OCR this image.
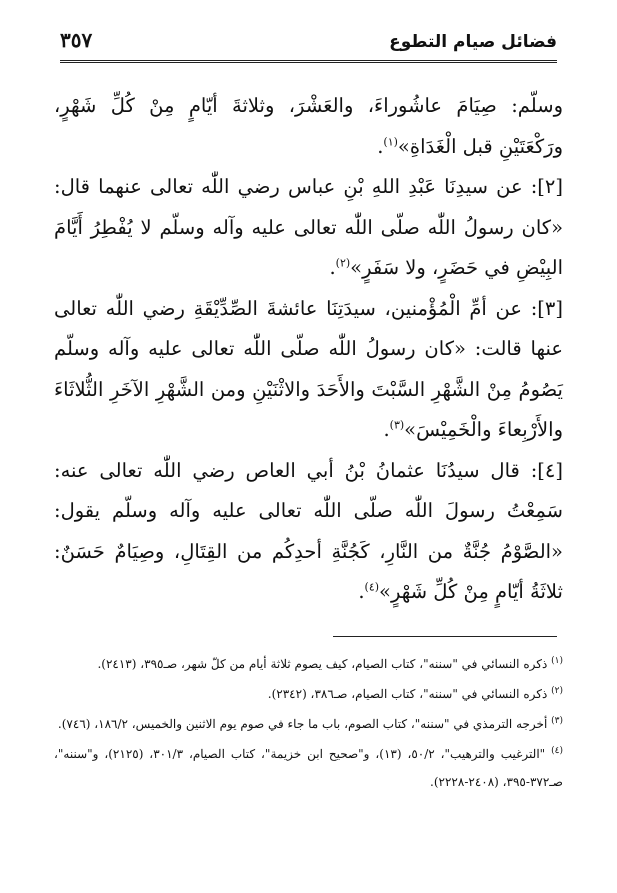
فضائل صيام التطوع
٣٥٧

وسلّم: صِيَامَ عاشُوراءَ، والعَشْرَ، وثلاثةَ أيّامٍ مِنْ كُلِّ شَهْرٍ، ورَكْعَتَيْنِ قبل الْغَدَاةِ»$^{(١)}$.

[٢]: عن سيدِنَا عَبْدِ اللهِ بْنِ عباس رضي اللّٰه تعالى عنهما قال: «كان رسولُ اللّٰه صلّى اللّٰه تعالى عليه وآله وسلّم لا يُفْطِرُ أَيَّامَ البِيْضِ في حَضَرٍ، ولا سَفَرٍ»$^{(٢)}$.

[٣]: عن أمِّ الْمُؤْمنين، سيدَتِنَا عائشةَ الصِّدِّيْقَةِ رضي اللّٰه تعالى عنها قالت: «كان رسولُ اللّٰه صلّى اللّٰه تعالى عليه وآله وسلّم يَصُومُ مِنْ الشَّهْرِ السَّبْتَ والأَحَدَ والاثْنَيْنِ ومن الشَّهْرِ الآخَرِ الثُّلاثَاءَ والأَرْبِعاءَ والْخَمِيْسَ»$^{(٣)}$.

[٤]: قال سيدُنَا عثمانُ بْنُ أبي العاص رضي اللّٰه تعالى عنه: سَمِعْتُ رسولَ اللّٰه صلّى اللّٰه تعالى عليه وآله وسلّم يقول: «الصَّوْمُ جُنَّةٌ من النَّارِ، كَجُنَّةِ أحدِكُم من القِتَالِ، وصِيَامٌ حَسَنٌ: ثلاثَةُ أيّامٍ مِنْ كُلِّ شَهْرٍ»$^{(٤)}$.

$^{(١)}$ ذكره النسائي في "سننه"، كتاب الصيام، كيف يصوم ثلاثة أيام من كلّ شهر، صـ٣٩٥، (٢٤١٣).

$^{(٢)}$ ذكره النسائي في "سننه"، كتاب الصيام، صـ٣٨٦، (٢٣٤٢).

$^{(٣)}$ أخرجه الترمذي في "سننه"، كتاب الصوم، باب ما جاء في صوم يوم الاثنين والخميس، ١٨٦/٢، (٧٤٦).

$^{(٤)}$ "الترغيب والترهيب"، ٥٠/٢، (١٣)، و"صحيح ابن خزيمة"، كتاب الصيام، ٣٠١/٣، (٢١٢٥)، و"سننه"، صـ٣٧٢-٣٩٥، (٢٤٠٨-٢٢٢٨).
